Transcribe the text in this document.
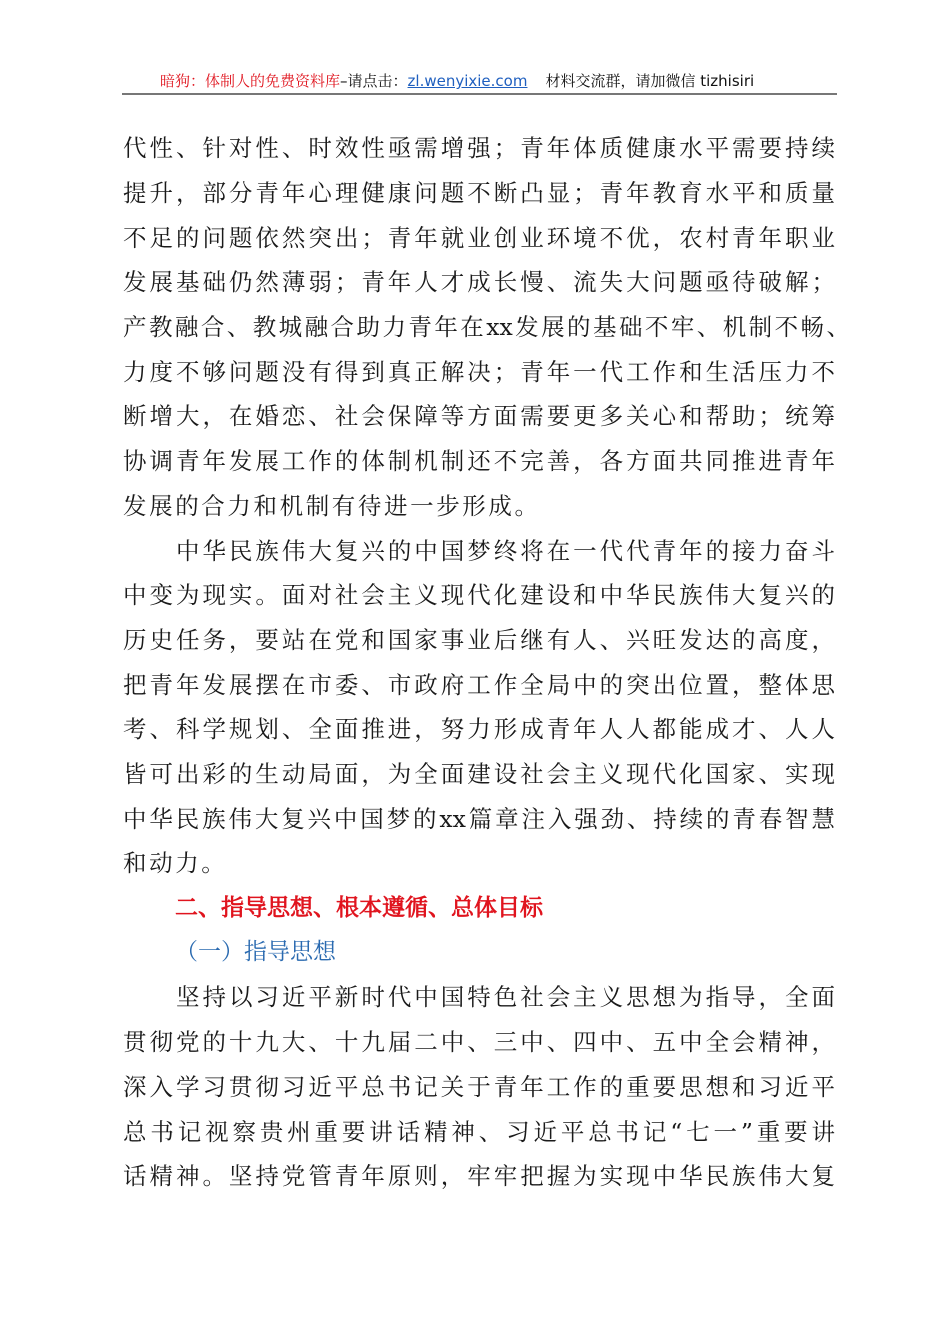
暗狗：体制人的免费资料库–请点击：zl.wenyixie.com 材料交流群，请加微信 tizhisiri
代性、针对性、时效性亟需增强；青年体质健康水平需要持续
提升，部分青年心理健康问题不断凸显；青年教育水平和质量
不足的问题依然突出；青年就业创业环境不优，农村青年职业
发展基础仍然薄弱；青年人才成长慢、流失大问题亟待破解；
产教融合、教城融合助力青年在xx发展的基础不牢、机制不畅、
力度不够问题没有得到真正解决；青年一代工作和生活压力不
断增大，在婚恋、社会保障等方面需要更多关心和帮助；统筹
协调青年发展工作的体制机制还不完善，各方面共同推进青年
发展的合力和机制有待进一步形成。
中华民族伟大复兴的中国梦终将在一代代青年的接力奋斗
中变为现实。面对社会主义现代化建设和中华民族伟大复兴的
历史任务，要站在党和国家事业后继有人、兴旺发达的高度，
把青年发展摆在市委、市政府工作全局中的突出位置，整体思
考、科学规划、全面推进，努力形成青年人人都能成才、人人
皆可出彩的生动局面，为全面建设社会主义现代化国家、实现
中华民族伟大复兴中国梦的xx篇章注入强劲、持续的青春智慧
和动力。
二、指导思想、根本遵循、总体目标
（一）指导思想
坚持以习近平新时代中国特色社会主义思想为指导，全面
贯彻党的十九大、十九届二中、三中、四中、五中全会精神，
深入学习贯彻习近平总书记关于青年工作的重要思想和习近平
总书记视察贵州重要讲话精神、习近平总书记“七一”重要讲
话精神。坚持党管青年原则，牢牢把握为实现中华民族伟大复
